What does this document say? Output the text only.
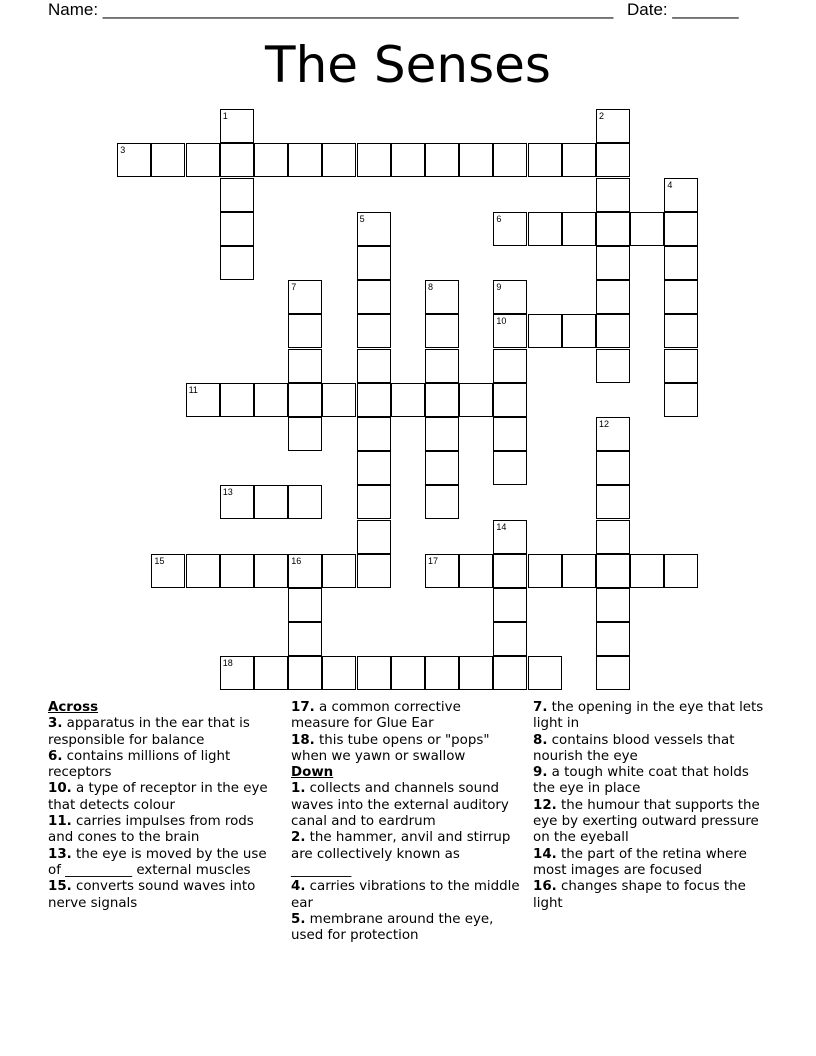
Name: ______________________________________________________ Date: _______
The Senses
1	2
3
4
5	6
7	8	9
10
11
12
13
14
15	16	17
18
Across
3. apparatus in the ear that is responsible for balance
6. contains millions of light receptors
10. a type of receptor in the eye that detects colour
11. carries impulses from rods and cones to the brain
13. the eye is moved by the use of __________ external muscles
15. converts sound waves into nerve signals
17. a common corrective measure for Glue Ear
18. this tube opens or "pops" when we yawn or swallow
Down
1. collects and channels sound waves into the external auditory canal and to eardrum
2. the hammer, anvil and stirrup are collectively known as _________
4. carries vibrations to the middle ear
5. membrane around the eye, used for protection
7. the opening in the eye that lets light in
8. contains blood vessels that nourish the eye
9. a tough white coat that holds the eye in place
12. the humour that supports the eye by exerting outward pressure on the eyeball
14. the part of the retina where most images are focused
16. changes shape to focus the light
